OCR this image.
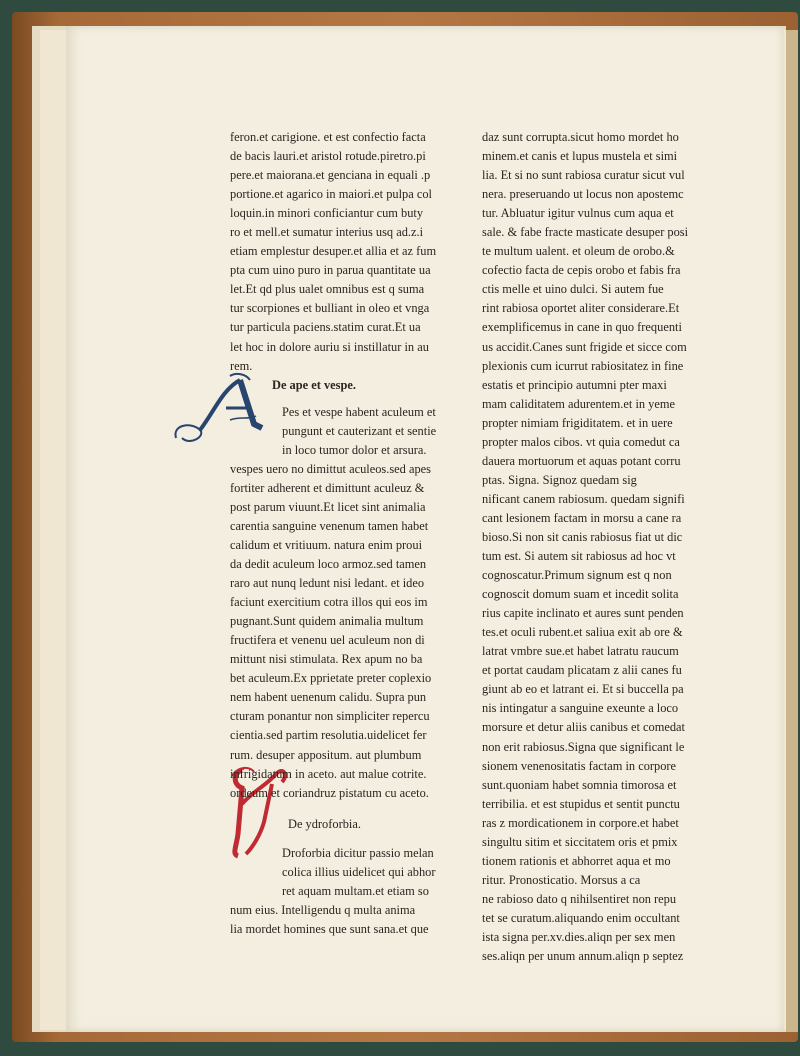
feron.et carigione. et est confectio facta
de bacis lauri.et aristol rotude.piretro.pi
pere.et maiorana.et genciana in equali .p
portione.et agarico in maiori.et pulpa col
loquin.in minori conficiantur cum buty
ro et mell.et sumatur interius usq ad.z.i
etiam emplestur desuper.et allia et az fum
pta cum uino puro in parua quantitate ua
let.Et qd plus ualet omnibus est q suma
tur scorpiones et bulliant in oleo et vnga
tur particula paciens.statim curat.Et ua
let hoc in dolore auriu si instillatur in au
rem.
De ape et vespe.
Pes et vespe habent aculeum et
pungunt et cauterizant et sentie
in loco tumor dolor et arsura.
vespes uero no dimittut aculeos.sed apes
fortiter adherent et dimittunt aculeuz &
post parum viuunt.Et licet sint animalia
carentia sanguine venenum tamen habet
calidum et vritiuum. natura enim proui
da dedit aculeum loco armoz.sed tamen
raro aut nunq ledunt nisi ledant. et ideo
faciunt exercitium cotra illos qui eos im
pugnant.Sunt quidem animalia multum
fructifera et venenu uel aculeum non di
mittunt nisi stimulata. Rex apum no ba
bet aculeum.Ex pprietate preter coplexio
nem habent uenenum calidu. Supra pun
cturam ponantur non simpliciter repercu
cientia.sed partim resolutia.uidelicet fer
rum. desuper appositum. aut plumbum
infrigidatum in aceto. aut malue cotrite.
ordeum et coriandruz pistatum cu aceto.
De ydroforbia.
Droforbia dicitur passio melan
colica illius uidelicet qui abhor
ret aquam multam.et etiam so
num eius. Intelligendu q multa anima
lia mordet homines que sunt sana.et que
daz sunt corrupta.sicut homo mordet ho
minem.et canis et lupus mustela et simi
lia. Et si no sunt rabiosa curatur sicut vul
nera. preseruando ut locus non apostemc
tur. Abluatur igitur vulnus cum aqua et
sale. & fabe fracte masticate desuper posi
te multum ualent. et oleum de orobo.&
cofectio facta de cepis orobo et fabis fra
ctis melle et uino dulci. Si autem fue
rint rabiosa oportet aliter considerare.Et
exemplificemus in cane in quo frequenti
us accidit.Canes sunt frigide et sicce com
plexionis cum icurrut rabiositatez in fine
estatis et principio autumni pter maxi
mam caliditatem adurentem.et in yeme
propter nimiam frigiditatem. et in uere
propter malos cibos. vt quia comedut ca
dauera mortuorum et aquas potant corru
ptas. Signa. Signoz quedam sig
nificant canem rabiosum. quedam signifi
cant lesionem factam in morsu a cane ra
bioso.Si non sit canis rabiosus fiat ut dic
tum est. Si autem sit rabiosus ad hoc vt
cognoscatur.Primum signum est q non
cognoscit domum suam et incedit solita
rius capite inclinato et aures sunt penden
tes.et oculi rubent.et saliua exit ab ore &
latrat vmbre sue.et habet latratu raucum
et portat caudam plicatam z alii canes fu
giunt ab eo et latrant ei. Et si buccella pa
nis intingatur a sanguine exeunte a loco
morsure et detur aliis canibus et comedat
non erit rabiosus.Signa que significant le
sionem venenositatis factam in corpore
sunt.quoniam habet somnia timorosa et
terribilia. et est stupidus et sentit punctu
ras z mordicationem in corpore.et habet
singultu sitim et siccitatem oris et pmix
tionem rationis et abhorret aqua et mo
ritur. Pronosticatio. Morsus a ca
ne rabioso dato q nihilsentiret non repu
tet se curatum.aliquando enim occultant
ista signa per.xv.dies.aliqn per sex men
ses.aliqn per unum annum.aliqn p septez
